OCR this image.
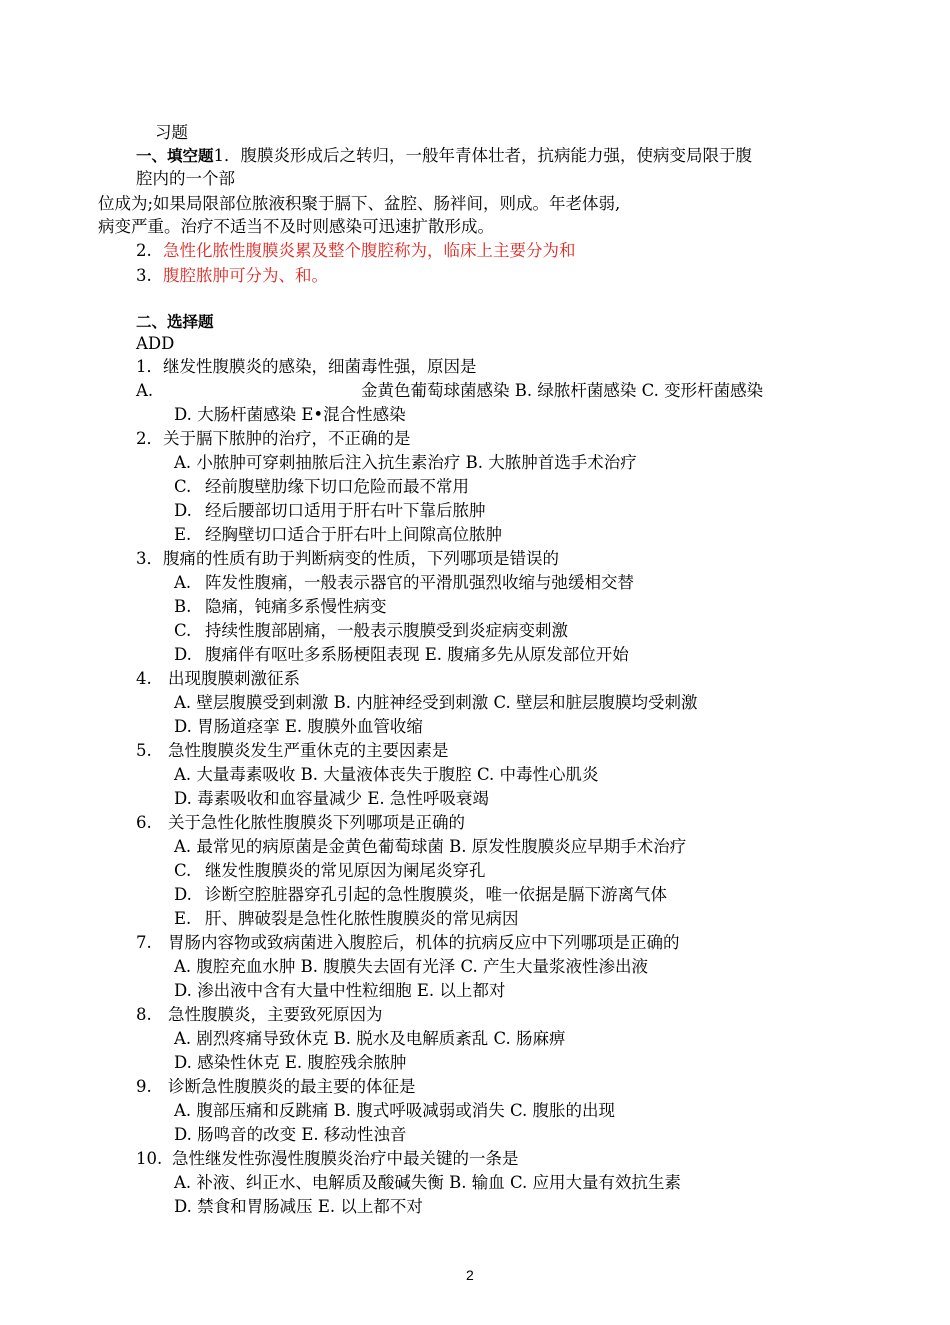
习题
一、填空题1．腹膜炎形成后之转归，一般年青体壮者，抗病能力强，使病变局限于腹
腔内的一个部
位成为;如果局限部位脓液积聚于膈下、盆腔、肠袢间，则成。年老体弱,
病变严重。治疗不适当不及时则感染可迅速扩散形成。
2. 急性化脓性腹膜炎累及整个腹腔称为，临床上主要分为和
3. 腹腔脓肿可分为、和。
二、选择题
ADD
1．继发性腹膜炎的感染，细菌毒性强，原因是
A.	金黄色葡萄球菌感染 B. 绿脓杆菌感染 C. 变形杆菌感染
D. 大肠杆菌感染 E•混合性感染
2．关于膈下脓肿的治疗，不正确的是
A. 小脓肿可穿刺抽脓后注入抗生素治疗 B. 大脓肿首选手术治疗
C. 经前腹壁肋缘下切口危险而最不常用
D. 经后腰部切口适用于肝右叶下靠后脓肿
E. 经胸壁切口适合于肝右叶上间隙高位脓肿
3．腹痛的性质有助于判断病变的性质，下列哪项是错误的
A. 阵发性腹痛，一般表示器官的平滑肌强烈收缩与弛缓相交替
B. 隐痛，钝痛多系慢性病变
C. 持续性腹部剧痛，一般表示腹膜受到炎症病变刺激
D. 腹痛伴有呕吐多系肠梗阻表现 E. 腹痛多先从原发部位开始
4. 出现腹膜刺激征系
A. 壁层腹膜受到刺激 B. 内脏神经受到刺激 C. 壁层和脏层腹膜均受刺激
D. 胃肠道痉挛 E. 腹膜外血管收缩
5. 急性腹膜炎发生严重休克的主要因素是
A. 大量毒素吸收 B. 大量液体丧失于腹腔 C. 中毒性心肌炎
D. 毒素吸收和血容量减少 E. 急性呼吸衰竭
6. 关于急性化脓性腹膜炎下列哪项是正确的
A. 最常见的病原菌是金黄色葡萄球菌 B. 原发性腹膜炎应早期手术治疗
C. 继发性腹膜炎的常见原因为阑尾炎穿孔
D. 诊断空腔脏器穿孔引起的急性腹膜炎，唯一依据是膈下游离气体
E. 肝、脾破裂是急性化脓性腹膜炎的常见病因
7. 胃肠内容物或致病菌进入腹腔后，机体的抗病反应中下列哪项是正确的
A. 腹腔充血水肿 B. 腹膜失去固有光泽 C. 产生大量浆液性渗出液
D. 渗出液中含有大量中性粒细胞 E. 以上都对
8. 急性腹膜炎，主要致死原因为
A. 剧烈疼痛导致休克 B. 脱水及电解质紊乱 C. 肠麻痹
D. 感染性休克 E. 腹腔残余脓肿
9. 诊断急性腹膜炎的最主要的体征是
A. 腹部压痛和反跳痛 B. 腹式呼吸减弱或消失 C. 腹胀的出现
D. 肠鸣音的改变 E. 移动性浊音
10. 急性继发性弥漫性腹膜炎治疗中最关键的一条是
A. 补液、纠正水、电解质及酸碱失衡 B. 输血 C. 应用大量有效抗生素
D. 禁食和胃肠减压 E. 以上都不对
2
